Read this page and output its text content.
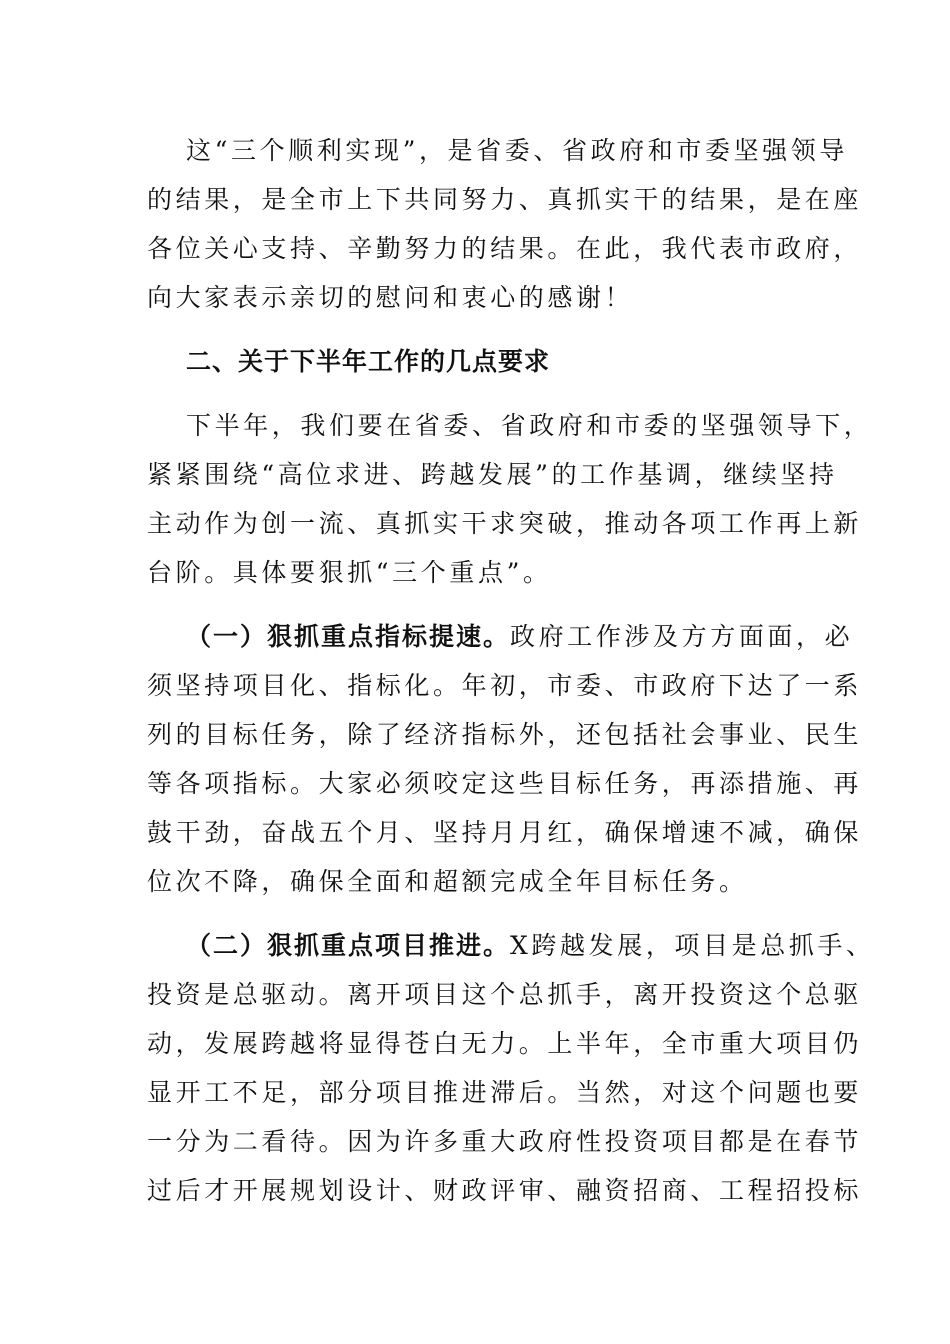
这“三个顺利实现”，是省委、省政府和市委坚强领导
的结果，是全市上下共同努力、真抓实干的结果，是在座
各位关心支持、辛勤努力的结果。在此，我代表市政府，
向大家表示亲切的慰问和衷心的感谢！
二、关于下半年工作的几点要求
下半年，我们要在省委、省政府和市委的坚强领导下，
紧紧围绕“高位求进、跨越发展”的工作基调，继续坚持
主动作为创一流、真抓实干求突破，推动各项工作再上新
台阶。具体要狠抓“三个重点”。
（一）狠抓重点指标提速。政府工作涉及方方面面，必
须坚持项目化、指标化。年初，市委、市政府下达了一系
列的目标任务，除了经济指标外，还包括社会事业、民生
等各项指标。大家必须咬定这些目标任务，再添措施、再
鼓干劲，奋战五个月、坚持月月红，确保增速不减，确保
位次不降，确保全面和超额完成全年目标任务。
（二）狠抓重点项目推进。X跨越发展，项目是总抓手、
投资是总驱动。离开项目这个总抓手，离开投资这个总驱
动，发展跨越将显得苍白无力。上半年，全市重大项目仍
显开工不足，部分项目推进滞后。当然，对这个问题也要
一分为二看待。因为许多重大政府性投资项目都是在春节
过后才开展规划设计、财政评审、融资招商、工程招投标
